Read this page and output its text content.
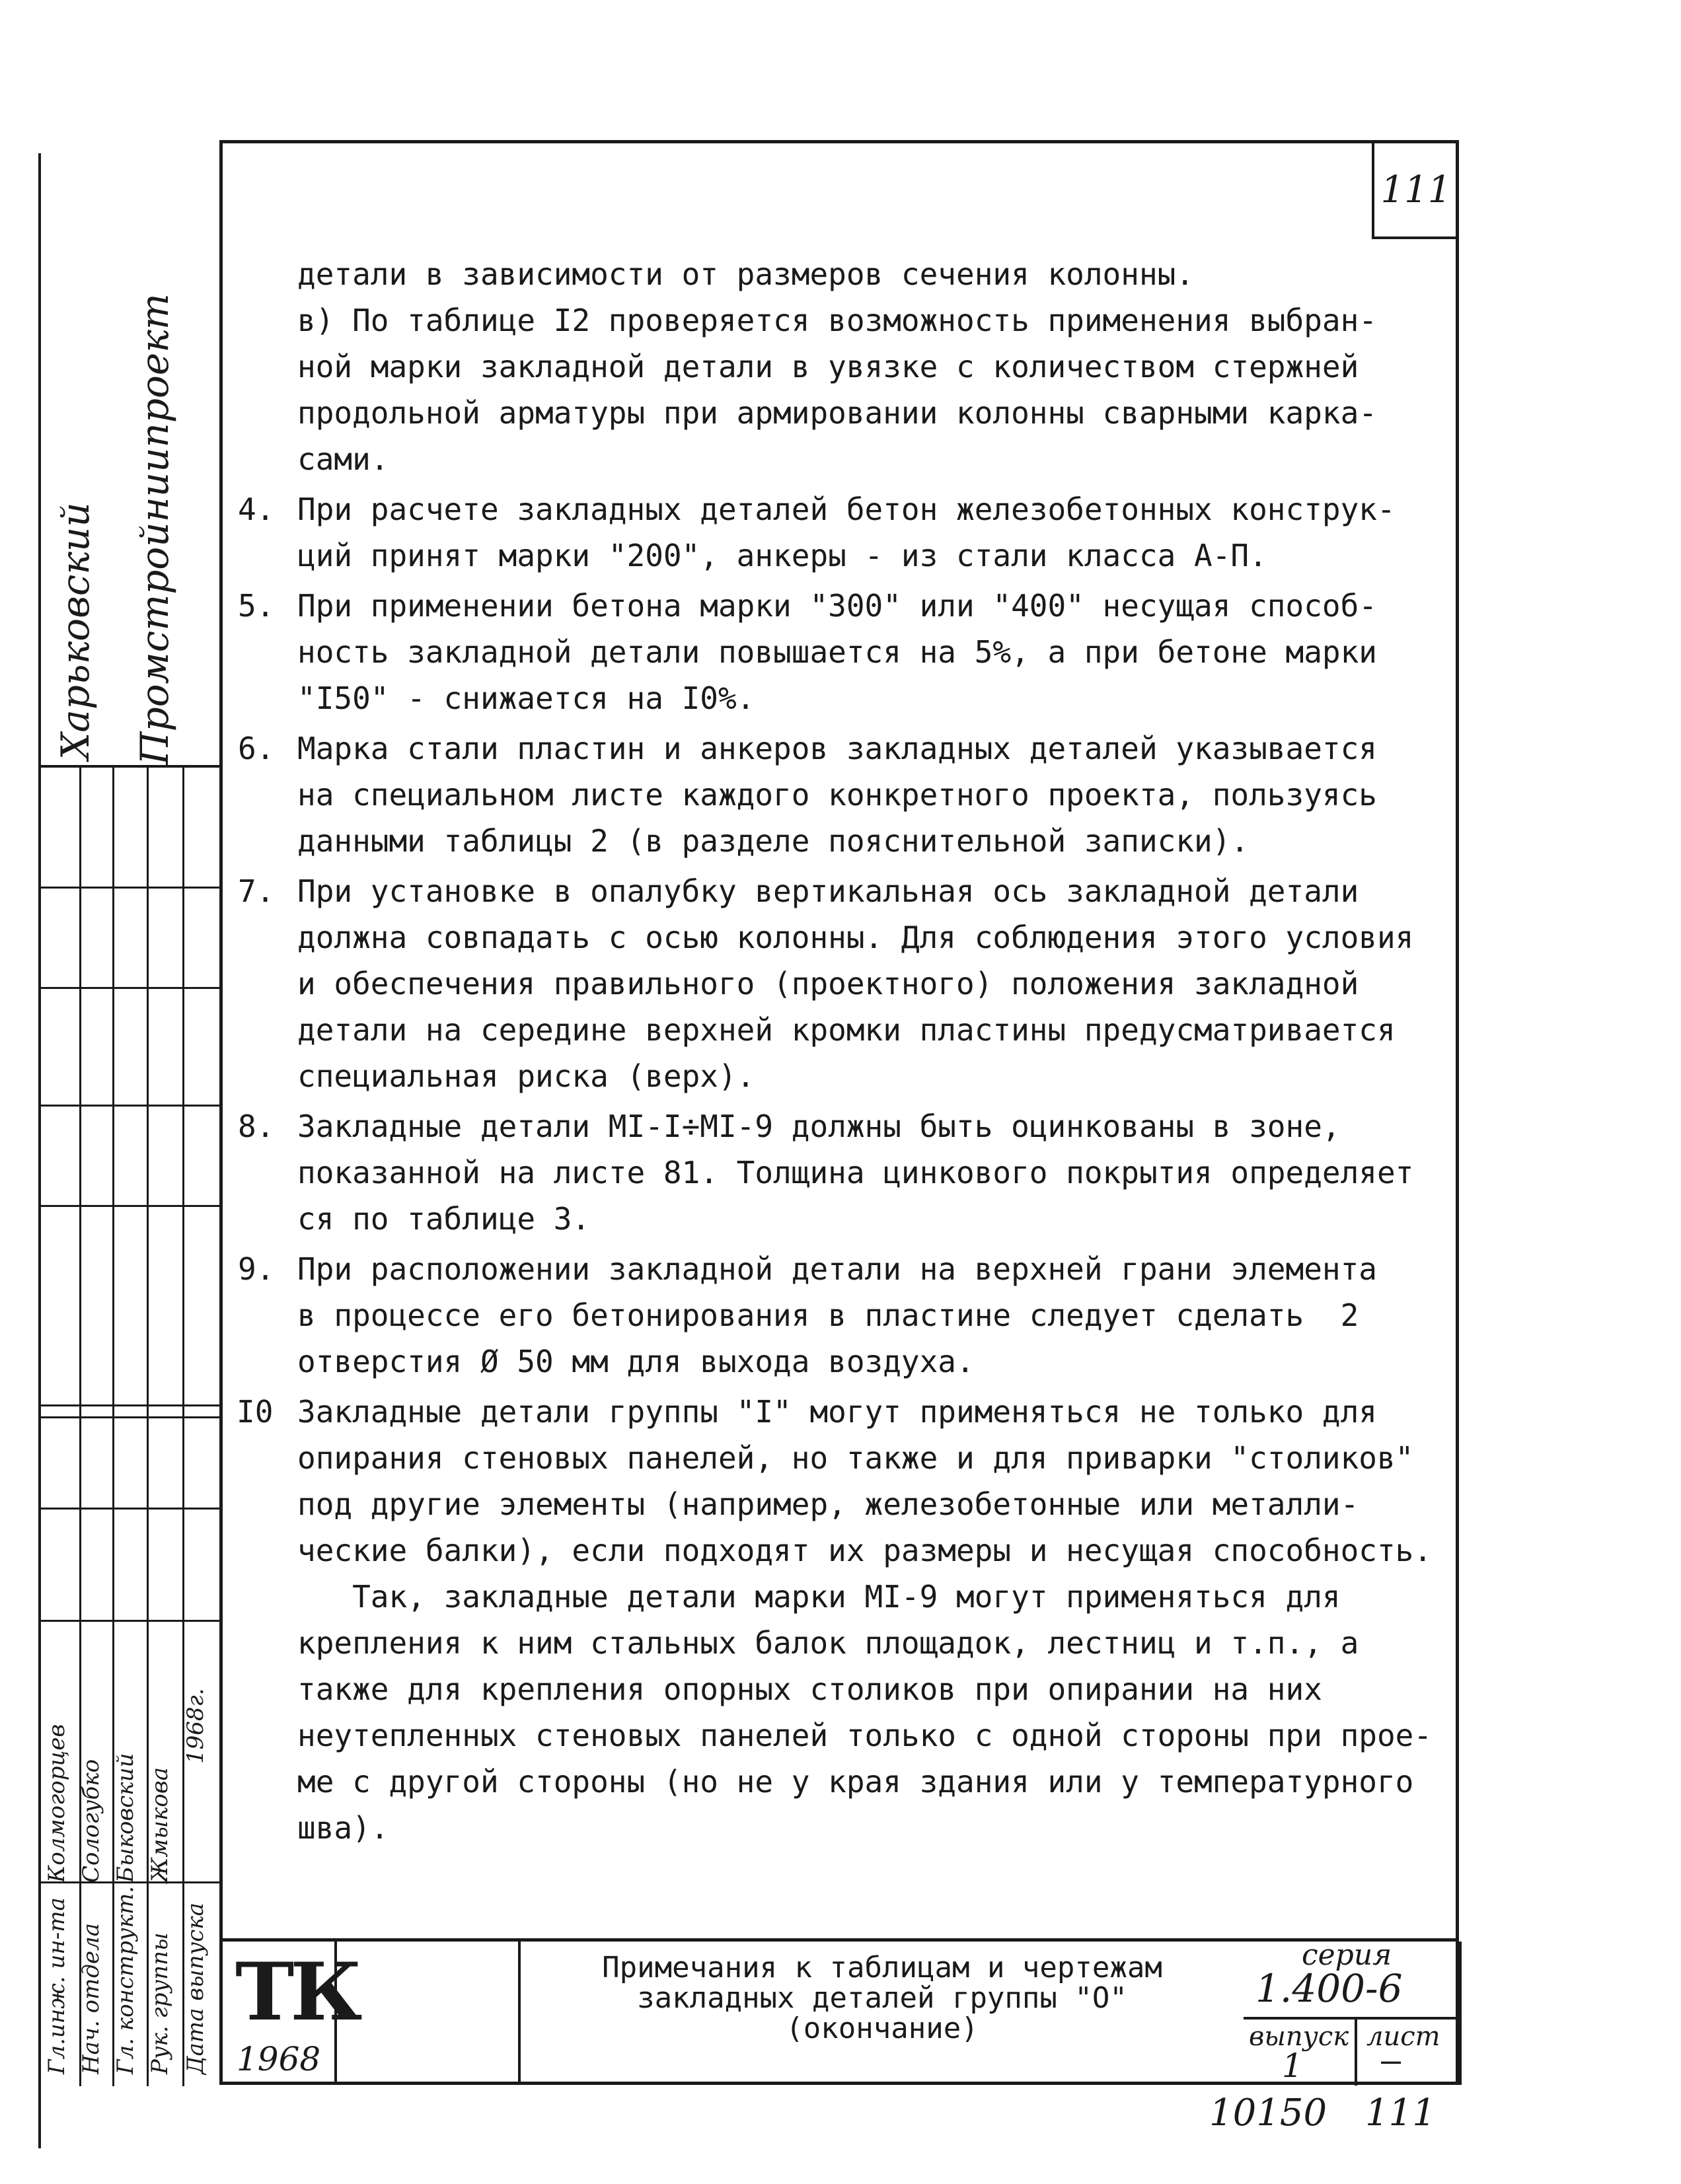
Харьковский Промстройниипроект
Гл.инж. ин-та Нач. отдела Гл. конструкт. Рук. группы Дата выпуска
Колмогорцев Сологубко Быковский Жмыкова
1968г.
111
детали в зависимости от размеров сечения колонны.
в) По таблице I2 проверяется возможность применения выбран-
ной марки закладной детали в увязке с количеством стержней
продольной арматуры при армировании колонны сварными карка-
сами.
4. При расчете закладных деталей бетон железобетонных конструк-
ций принят марки "200", анкеры - из стали класса А-П.
5. При применении бетона марки "300" или "400" несущая способ-
ность закладной детали повышается на 5%, а при бетоне марки
"I50" - снижается на I0%.
6. Марка стали пластин и анкеров закладных деталей указывается
на специальном листе каждого конкретного проекта, пользуясь
данными таблицы 2 (в разделе пояснительной записки).
7. При установке в опалубку вертикальная ось закладной детали
должна совпадать с осью колонны. Для соблюдения этого условия
и обеспечения правильного (проектного) положения закладной
детали на середине верхней кромки пластины предусматривается
специальная риска (верх).
8. Закладные детали МI-I÷МI-9 должны быть оцинкованы в зоне,
показанной на листе 81. Толщина цинкового покрытия определяет
ся по таблице 3.
9. При расположении закладной детали на верхней грани элемента
в процессе его бетонирования в пластине следует сделать  2
отверстия Ø 50 мм для выхода воздуха.
I0 Закладные детали группы "I" могут применяться не только для
опирания стеновых панелей, но также и для приварки "столиков"
под другие элементы (например, железобетонные или металли-
ческие балки), если подходят их размеры и несущая способность.
Так, закладные детали марки МI-9 могут применяться для
крепления к ним стальных балок площадок, лестниц и т.п., а
также для крепления опорных столиков при опирании на них
неутепленных стеновых панелей только с одной стороны при прое-
ме с другой стороны (но не у края здания или у температурного
шва).
ТК
1968
Примечания к таблицам и чертежам
закладных деталей группы "О"
(окончание)
серия
1.400-6
выпуск лист
1 —
10150 111
